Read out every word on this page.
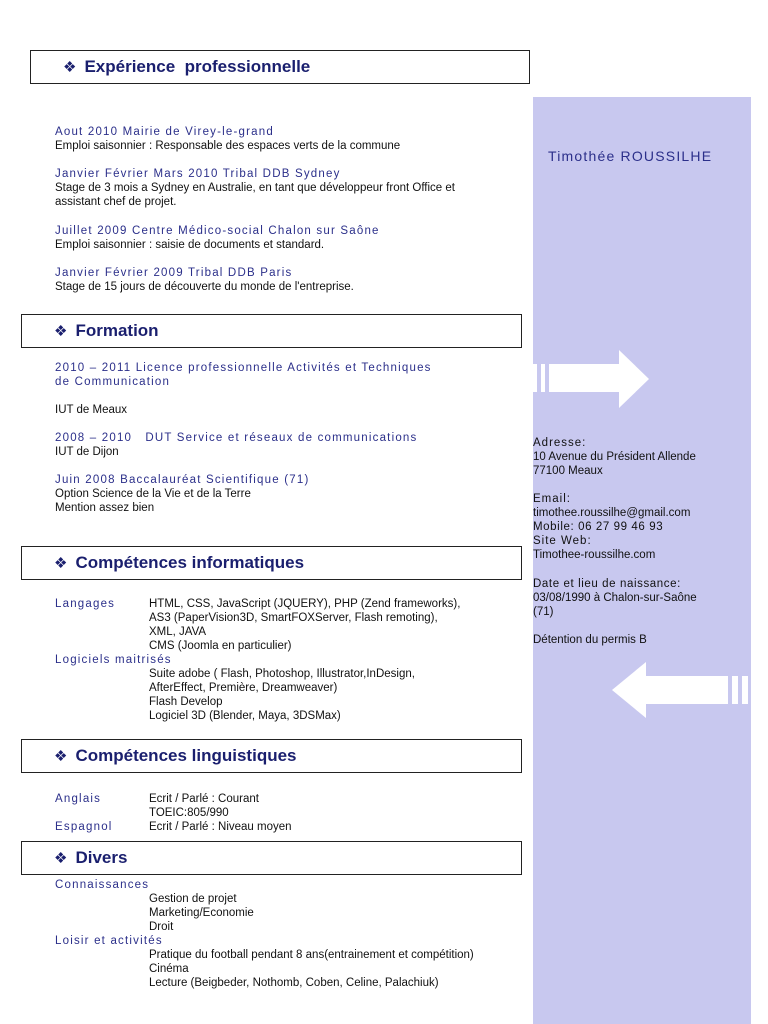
❖ Expérience  professionnelle
❖ Formation
❖ Compétences informatiques
❖ Compétences linguistiques
❖ Divers
Aout 2010 Mairie de Virey-le-grand
Emploi saisonnier : Responsable des espaces verts de la commune
Janvier Février Mars 2010 Tribal DDB Sydney
Stage de 3 mois a Sydney en Australie, en tant que développeur front Office et
assistant chef de projet.
Juillet 2009 Centre Médico-social Chalon sur Saône
Emploi saisonnier : saisie de documents et standard.
Janvier Février 2009 Tribal DDB Paris
Stage de 15 jours de découverte du monde de l'entreprise.
2010 – 2011 Licence professionnelle Activités et Techniques
de Communication
IUT de Meaux
2008 – 2010   DUT Service et réseaux de communications
IUT de Dijon
Juin 2008 Baccalauréat Scientifique (71)
Option Science de la Vie et de la Terre
Mention assez bien
Langages	HTML, CSS, JavaScript (JQUERY), PHP (Zend frameworks),
AS3 (PaperVision3D, SmartFOXServer, Flash remoting),
XML, JAVA
CMS (Joomla en particulier)
Logiciels maitrisés
Suite adobe ( Flash, Photoshop, Illustrator,InDesign,
AfterEffect, Première, Dreamweaver)
Flash Develop
Logiciel 3D (Blender, Maya, 3DSMax)
Anglais	Ecrit / Parlé : Courant
TOEIC:805/990
Espagnol	Ecrit / Parlé : Niveau moyen
Connaissances
Gestion de projet
Marketing/Economie
Droit
Loisir et activités
Pratique du football pendant 8 ans(entrainement et compétition)
Cinéma
Lecture (Beigbeder, Nothomb, Coben, Celine, Palachiuk)
Timothée ROUSSILHE
Adresse:
10 Avenue du Président Allende
77100 Meaux
Email:
timothee.roussilhe@gmail.com
Mobile: 06 27 99 46 93
Site Web:
Timothee-roussilhe.com
Date et lieu de naissance:
03/08/1990 à Chalon-sur-Saône
(71)
Détention du permis B
